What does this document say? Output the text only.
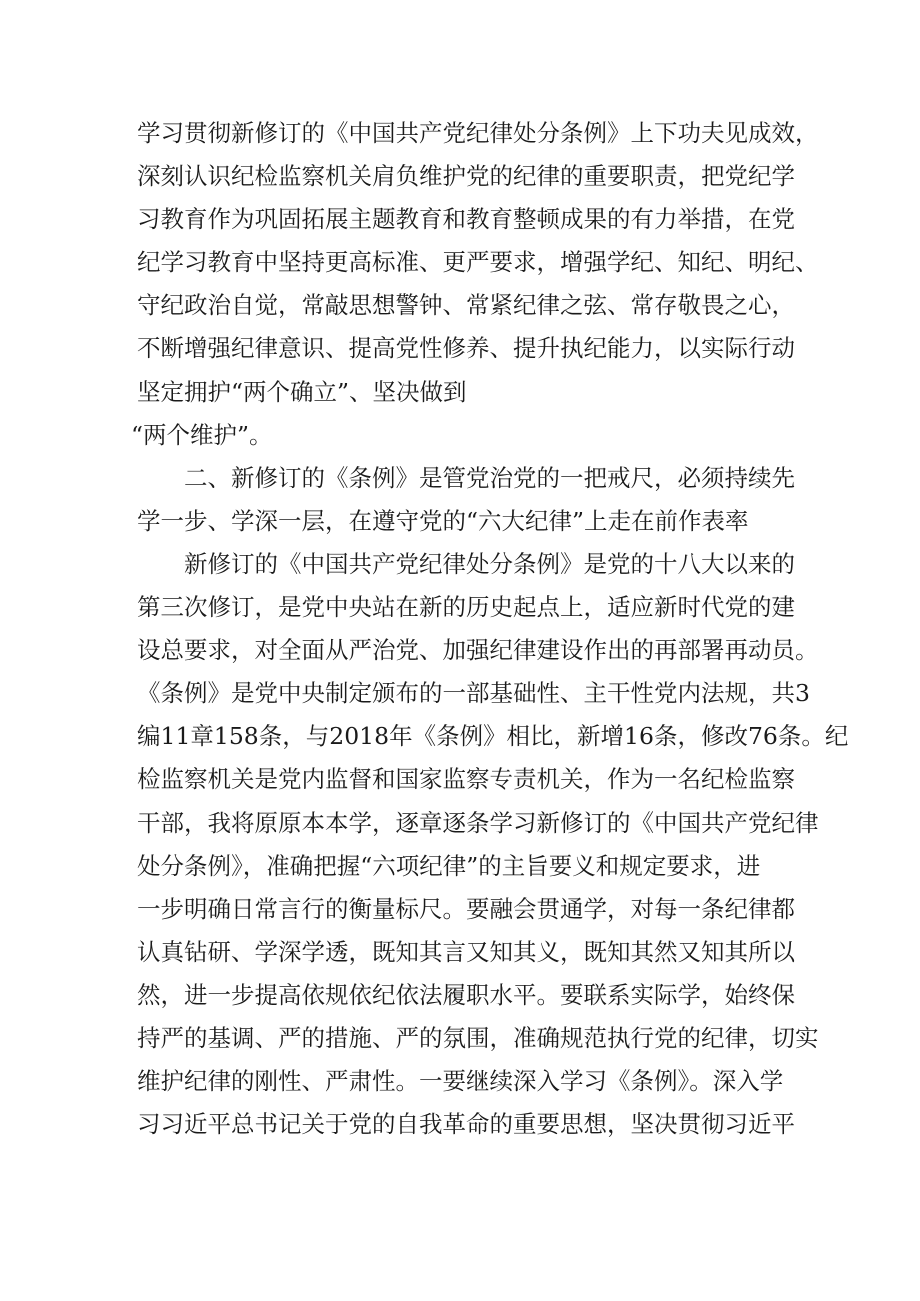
学习贯彻新修订的《中国共产党纪律处分条例》上下功夫见成效，
深刻认识纪检监察机关肩负维护党的纪律的重要职责，把党纪学
习教育作为巩固拓展主题教育和教育整顿成果的有力举措，在党
纪学习教育中坚持更高标准、更严要求，增强学纪、知纪、明纪、
守纪政治自觉，常敲思想警钟、常紧纪律之弦、常存敬畏之心，
不断增强纪律意识、提高党性修养、提升执纪能力，以实际行动
坚定拥护“两个确立”、坚决做到
“两个维护”。
二、新修订的《条例》是管党治党的一把戒尺，必须持续先
学一步、学深一层，在遵守党的“六大纪律”上走在前作表率
新修订的《中国共产党纪律处分条例》是党的十八大以来的
第三次修订，是党中央站在新的历史起点上，适应新时代党的建
设总要求，对全面从严治党、加强纪律建设作出的再部署再动员。
《条例》是党中央制定颁布的一部基础性、主干性党内法规，共3
编11章158条，与2018年《条例》相比，新增16条，修改76条。纪
检监察机关是党内监督和国家监察专责机关，作为一名纪检监察
干部，我将原原本本学，逐章逐条学习新修订的《中国共产党纪律
处分条例》，准确把握“六项纪律”的主旨要义和规定要求，进
一步明确日常言行的衡量标尺。要融会贯通学，对每一条纪律都
认真钻研、学深学透，既知其言又知其义，既知其然又知其所以
然，进一步提高依规依纪依法履职水平。要联系实际学，始终保
持严的基调、严的措施、严的氛围，准确规范执行党的纪律，切实
维护纪律的刚性、严肃性。一要继续深入学习《条例》。深入学
习习近平总书记关于党的自我革命的重要思想，坚决贯彻习近平
